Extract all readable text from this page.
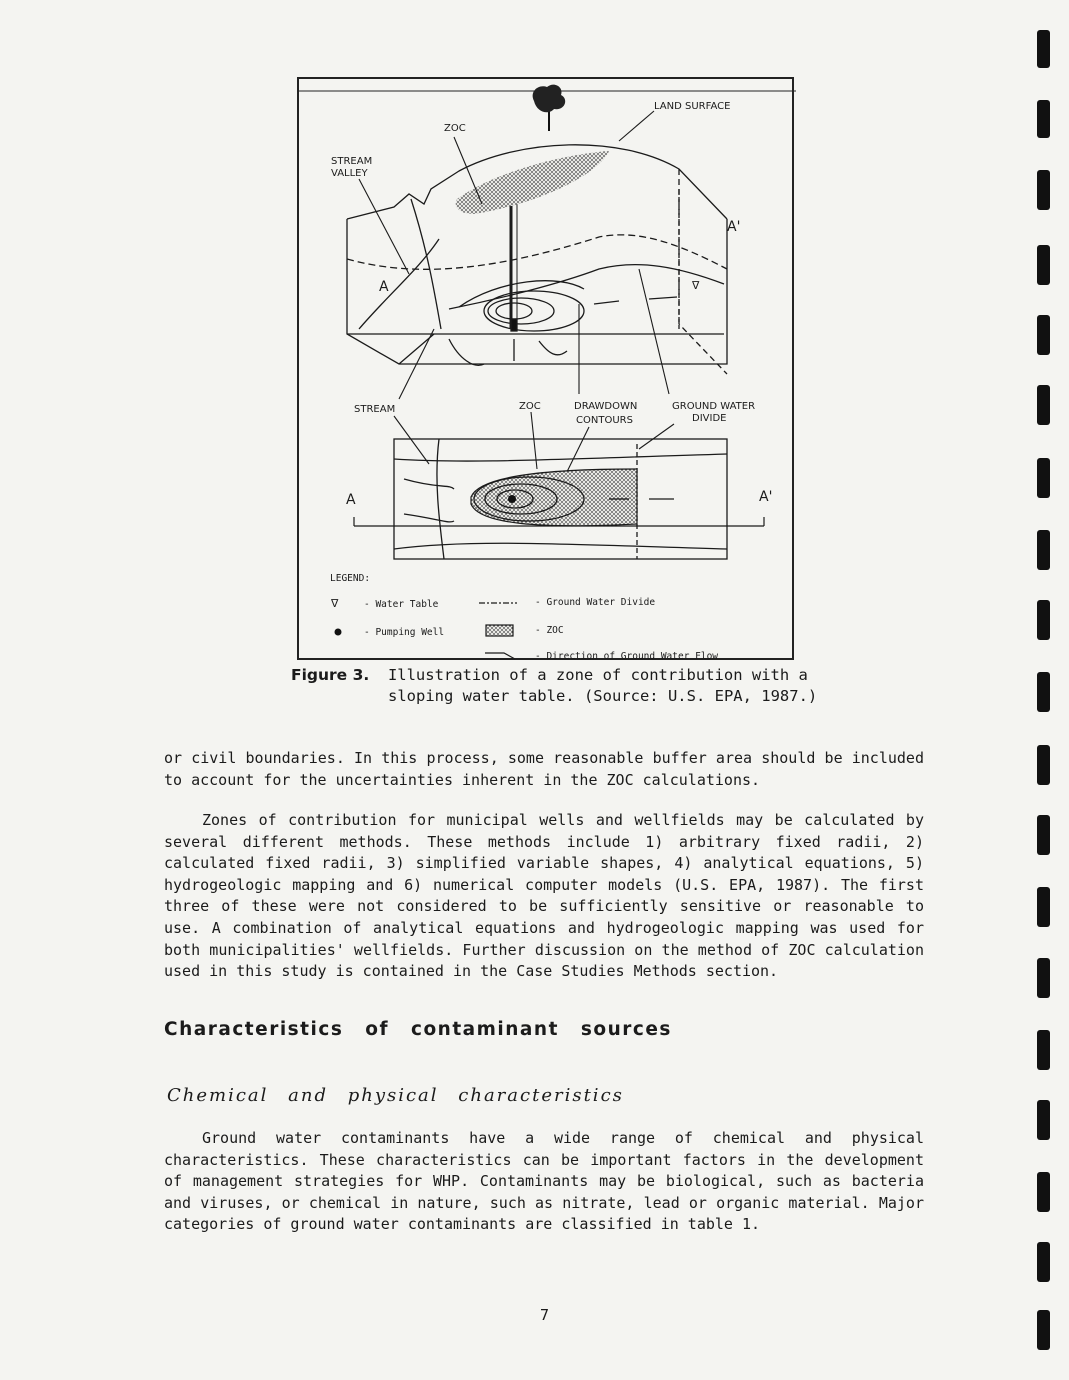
LAND SURFACE
ZOC
STREAM
VALLEY
A
A'
∇
STREAM	ZOC	DRAWDOWN
CONTOURS
GROUND WATER
DIVIDE
A	A'
LEGEND:
∇	- Water Table
- Pumping Well
- Ground Water Divide
- ZOC
- Direction of Ground Water Flow
Figure 3. Illustration of a zone of contribution with a
sloping water table. (Source: U.S. EPA, 1987.)

or civil boundaries. In this process, some reasonable buffer area should be included to account for the uncertainties inherent in the ZOC calculations.

Zones of contribution for municipal wells and wellfields may be calculated by several different methods. These methods include 1) arbitrary fixed radii, 2) calculated fixed radii, 3) simplified variable shapes, 4) analytical equations, 5) hydrogeologic mapping and 6) numerical computer models (U.S. EPA, 1987). The first three of these were not considered to be sufficiently sensitive or reasonable to use. A combination of analytical equations and hydrogeologic mapping was used for both municipalities' wellfields. Further discussion on the method of ZOC calculation used in this study is contained in the Case Studies Methods section.

Characteristics of contaminant sources
Chemical and physical characteristics

Ground water contaminants have a wide range of chemical and physical characteristics. These characteristics can be important factors in the development of management strategies for WHP. Contaminants may be biological, such as bacteria and viruses, or chemical in nature, such as nitrate, lead or organic material. Major categories of ground water contaminants are classified in table 1.

7
